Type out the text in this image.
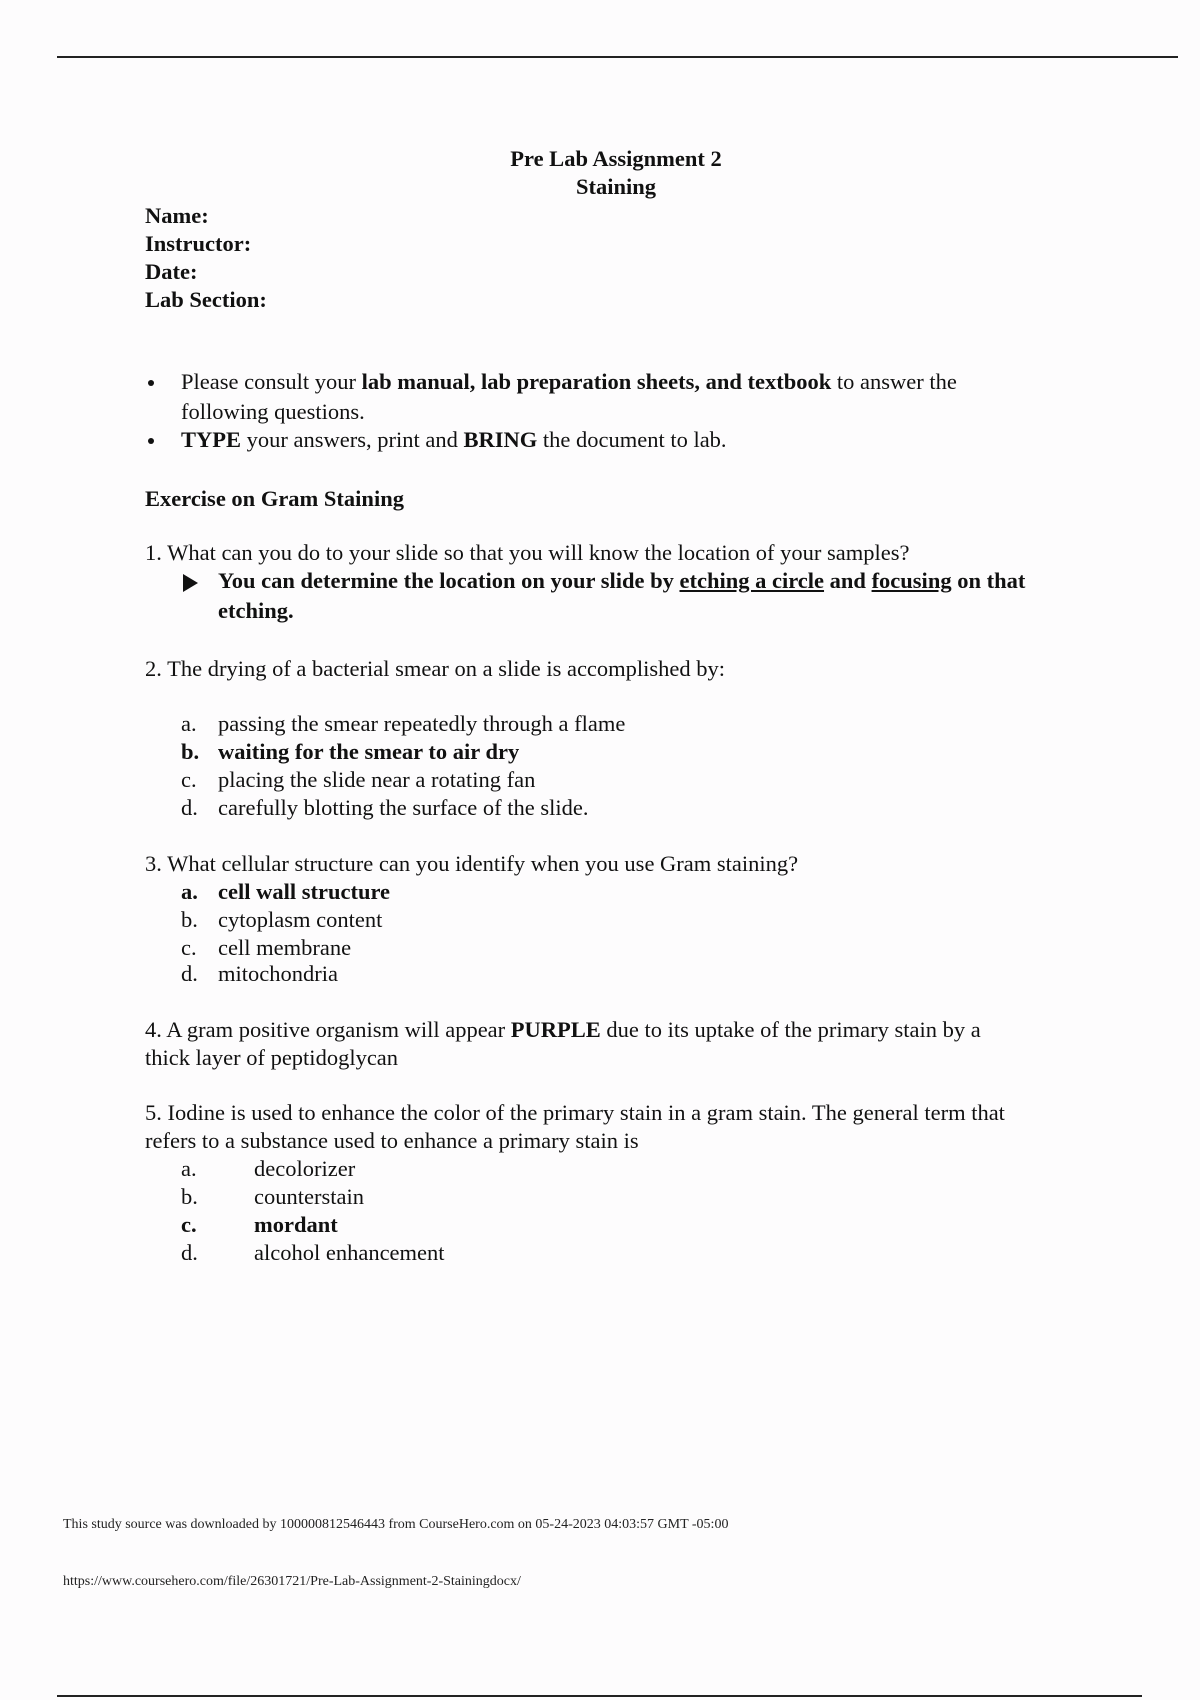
Pre Lab Assignment 2
Staining
Name:
Instructor:
Date:
Lab Section:
Please consult your lab manual, lab preparation sheets, and textbook to answer the
following questions.
TYPE your answers, print and BRING the document to lab.
Exercise on Gram Staining
1. What can you do to your slide so that you will know the location of your samples?
You can determine the location on your slide by etching a circle and focusing on that
etching.
2. The drying of a bacterial smear on a slide is accomplished by:
a. passing the smear repeatedly through a flame
b. waiting for the smear to air dry
c. placing the slide near a rotating fan
d. carefully blotting the surface of the slide.
3. What cellular structure can you identify when you use Gram staining?
a. cell wall structure
b. cytoplasm content
c. cell membrane
d. mitochondria
4. A gram positive organism will appear PURPLE due to its uptake of the primary stain by a
thick layer of peptidoglycan
5. Iodine is used to enhance the color of the primary stain in a gram stain. The general term that
refers to a substance used to enhance a primary stain is
a.	decolorizer
b. counterstain
c.	mordant
d. alcohol enhancement
This study source was downloaded by 100000812546443 from CourseHero.com on 05-24-2023 04:03:57 GMT -05:00
https://www.coursehero.com/file/26301721/Pre-Lab-Assignment-2-Stainingdocx/
